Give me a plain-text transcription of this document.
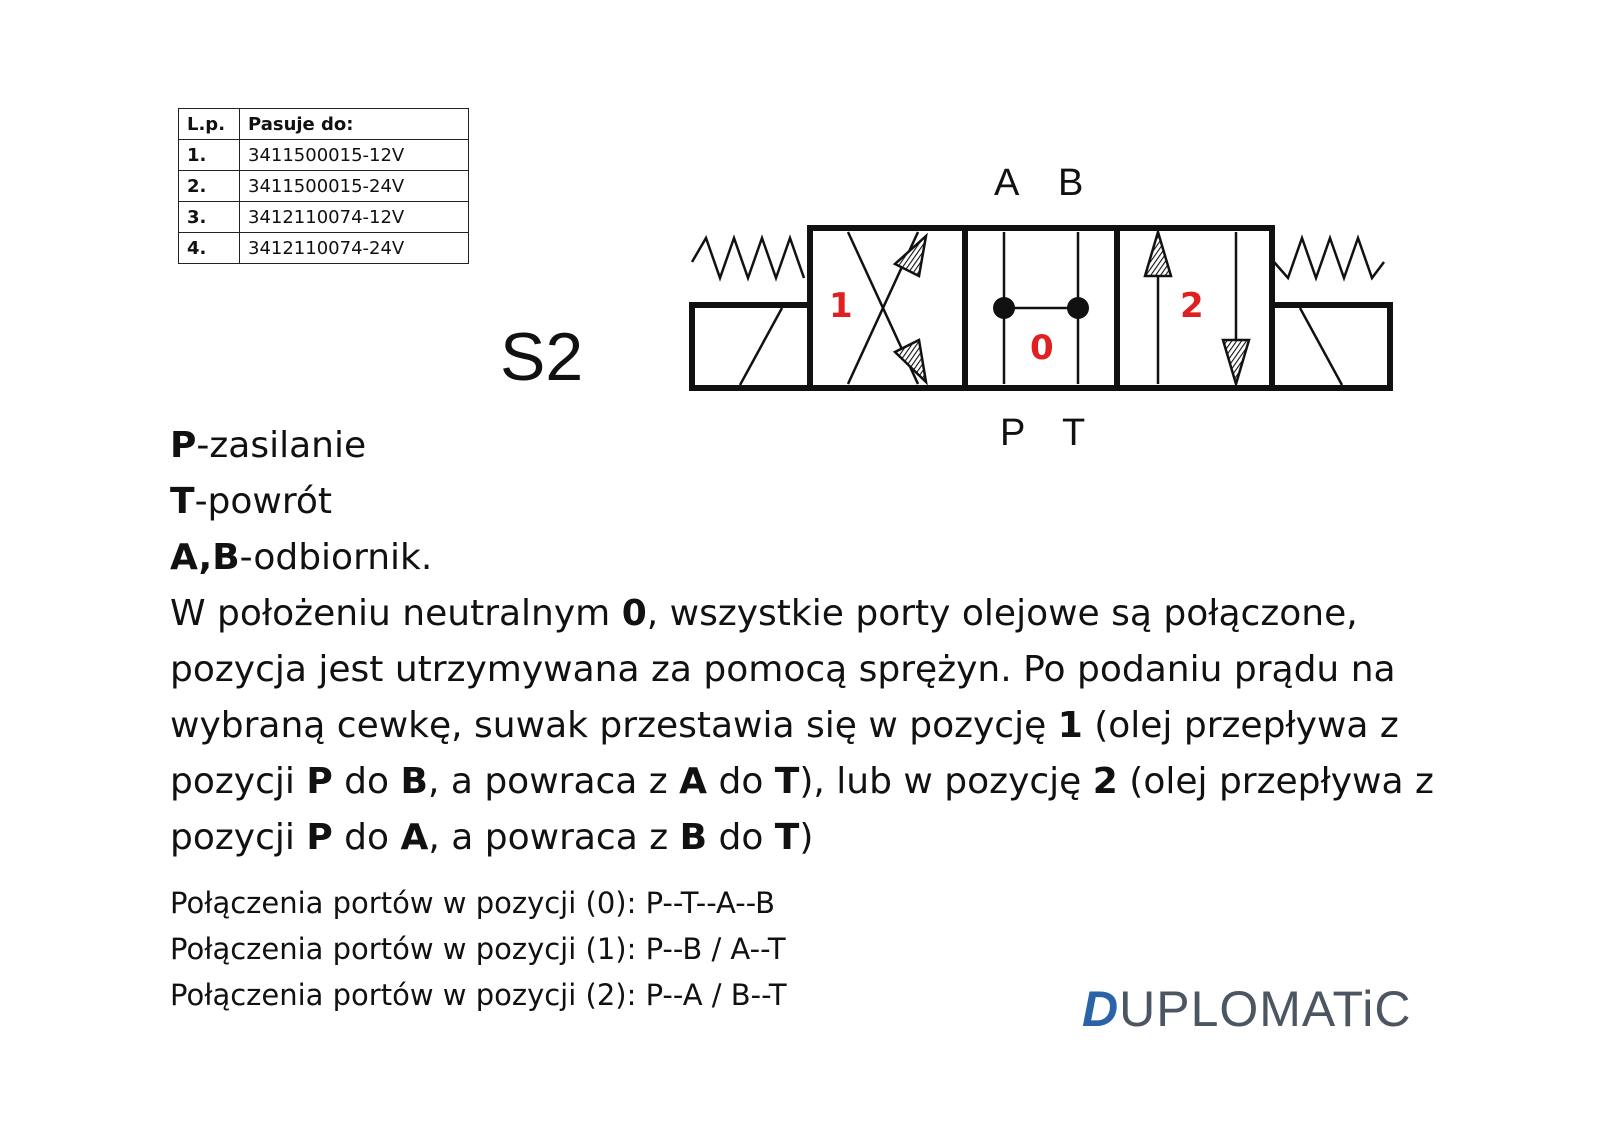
L.p.	Pasuje do:
1.	3411500015-12V
2.	3411500015-24V
3.	3412110074-12V
4.	3412110074-24V
S2
A B
P T
1
0
2
P-zasilanie
T-powrót
A,B-odbiornik.
W położeniu neutralnym 0, wszystkie porty olejowe są połączone,
pozycja jest utrzymywana za pomocą sprężyn. Po podaniu prądu na
wybraną cewkę, suwak przestawia się w pozycję 1 (olej przepływa z
pozycji P do B, a powraca z A do T), lub w pozycję 2 (olej przepływa z
pozycji P do A, a powraca z B do T)
Połączenia portów w pozycji (0): P--T--A--B
Połączenia portów w pozycji (1): P--B / A--T
Połączenia portów w pozycji (2): P--A / B--T	DUPLOMATiC
